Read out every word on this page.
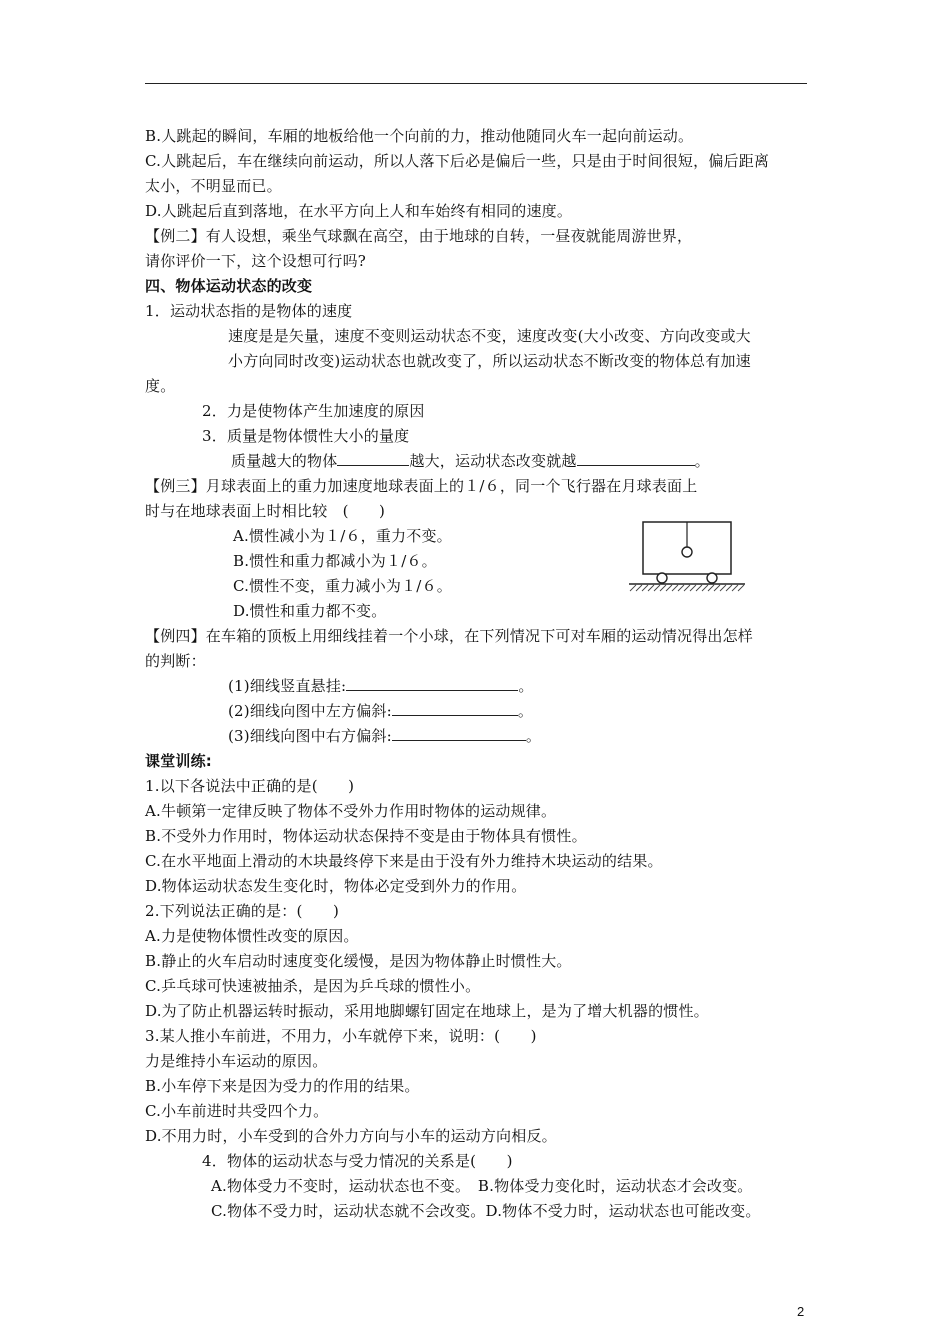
B.人跳起的瞬间，车厢的地板给他一个向前的力，推动他随同火车一起向前运动。
C.人跳起后，车在继续向前运动，所以人落下后必是偏后一些，只是由于时间很短，偏后距离
太小，不明显而已。
D.人跳起后直到落地，在水平方向上人和车始终有相同的速度。
【例二】有人设想，乘坐气球飘在高空，由于地球的自转，一昼夜就能周游世界，
请你评价一下，这个设想可行吗?
四、物体运动状态的改变
1．运动状态指的是物体的速度
速度是是矢量，速度不变则运动状态不变，速度改变(大小改变、方向改变或大
小方向同时改变)运动状态也就改变了，所以运动状态不断改变的物体总有加速
度。
2．力是使物体产生加速度的原因
3．质量是物体惯性大小的量度
质量越大的物体	越大，运动状态改变就越	。
【例三】月球表面上的重力加速度地球表面上的１/６，同一个飞行器在月球表面上
时与在地球表面上时相比较　(　　)
A.惯性减小为１/６，重力不变。
B.惯性和重力都减小为１/６。
C.惯性不变，重力减小为１/６。
D.惯性和重力都不变。
【例四】在车箱的顶板上用细线挂着一个小球，在下列情况下可对车厢的运动情况得出怎样
的判断：
(1)细线竖直悬挂:	。
(2)细线向图中左方偏斜:	。
(3)细线向图中右方偏斜:	。
课堂训练:
1.以下各说法中正确的是(　　)
A.牛顿第一定律反映了物体不受外力作用时物体的运动规律。
B.不受外力作用时，物体运动状态保持不变是由于物体具有惯性。
C.在水平地面上滑动的木块最终停下来是由于没有外力维持木块运动的结果。
D.物体运动状态发生变化时，物体必定受到外力的作用。
2.下列说法正确的是：(　　)
A.力是使物体惯性改变的原因。
B.静止的火车启动时速度变化缓慢，是因为物体静止时惯性大。
C.乒乓球可快速被抽杀，是因为乒乓球的惯性小。
D.为了防止机器运转时振动，采用地脚螺钉固定在地球上，是为了增大机器的惯性。
3.某人推小车前进，不用力，小车就停下来，说明：(　　)
力是维持小车运动的原因。
B.小车停下来是因为受力的作用的结果。
C.小车前进时共受四个力。
D.不用力时，小车受到的合外力方向与小车的运动方向相反。
4．物体的运动状态与受力情况的关系是(　　)
A.物体受力不变时，运动状态也不变。　B.物体受力变化时，运动状态才会改变。
C.物体不受力时，运动状态就不会改变。D.物体不受力时，运动状态也可能改变。
2
